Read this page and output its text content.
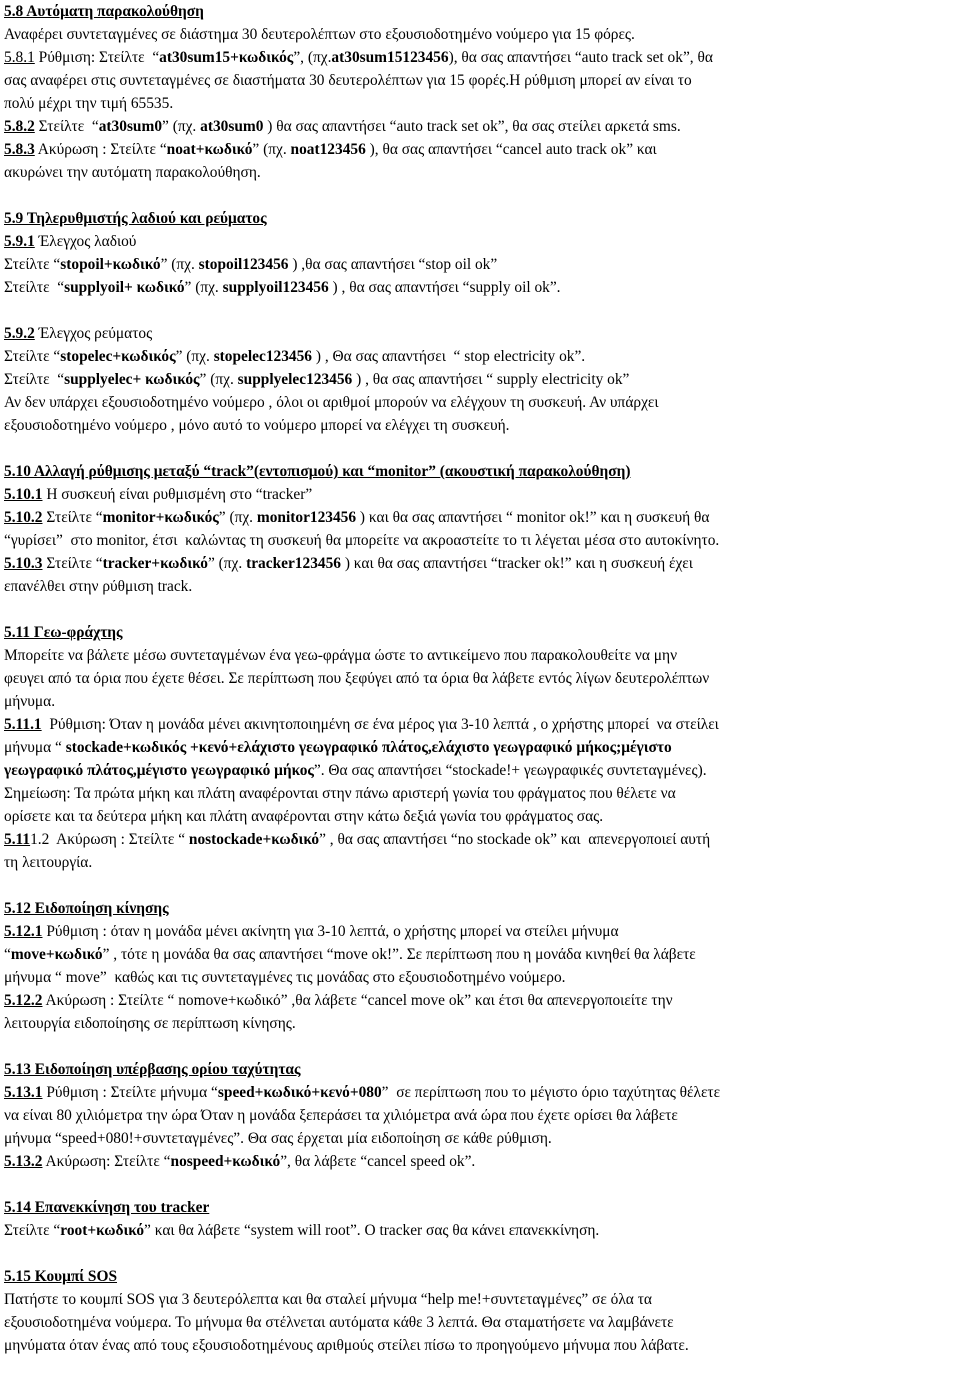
5.8 Αυτόματη παρακολούθηση
Αναφέρει συντεταγμένες σε διάστημα 30 δευτερολέπτων στο εξουσιοδοτημένο νούμερο για 15 φόρες.
5.8.1 Ρύθμιση: Στείλτε  “at30sum15+κωδικός”, (πχ.at30sum15123456), θα σας απαντήσει “auto track set ok”, θα
σας αναφέρει στις συντεταγμένες σε διαστήματα 30 δευτερολέπτων για 15 φορές.Η ρύθμιση μπορεί αν είναι το
πολύ μέχρι την τιμή 65535.
5.8.2 Στείλτε  “at30sum0” (πχ. at30sum0 ) θα σας απαντήσει “auto track set ok”, θα σας στείλει αρκετά sms.
5.8.3 Ακύρωση : Στείλτε “noat+κωδικό” (πχ. noat123456 ), θα σας απαντήσει “cancel auto track ok” και
ακυρώνει την αυτόματη παρακολούθηση.
5.9 Τηλερυθμιστής λαδιού και ρεύματος
5.9.1 Έλεγχος λαδιού
Στείλτε “stopoil+κωδικό” (πχ. stopoil123456 ) ,θα σας απαντήσει “stop oil ok”
Στείλτε  “supplyoil+ κωδικό” (πχ. supplyoil123456 ) , θα σας απαντήσει “supply oil ok”.
5.9.2 Έλεγχος ρεύματος
Στείλτε “stopelec+κωδικός” (πχ. stopelec123456 ) , Θα σας απαντήσει  “ stop electricity ok”.
Στείλτε  “supplyelec+ κωδικός” (πχ. supplyelec123456 ) , θα σας απαντήσει “ supply electricity ok”
Αν δεν υπάρχει εξουσιοδοτημένο νούμερο , όλοι οι αριθμοί μπορούν να ελέγχουν τη συσκευή. Αν υπάρχει
εξουσιοδοτημένο νούμερο , μόνο αυτό το νούμερο μπορεί να ελέγχει τη συσκευή.
5.10 Αλλαγή ρύθμισης μεταξύ “track”(εντοπισμού) και “monitor” (ακουστική παρακολούθηση)
5.10.1 Η συσκευή είναι ρυθμισμένη στο “tracker”
5.10.2 Στείλτε “monitor+κωδικός” (πχ. monitor123456 ) και θα σας απαντήσει “ monitor ok!” και η συσκευή θα
“γυρίσει”  στο monitor, έτσι  καλώντας τη συσκευή θα μπορείτε να ακροαστείτε το τι λέγεται μέσα στο αυτοκίνητο.
5.10.3 Στείλτε “tracker+κωδικό” (πχ. tracker123456 ) και θα σας απαντήσει “tracker ok!” και η συσκευή έχει
επανέλθει στην ρύθμιση track.
5.11 Γεω-φράχτης
Μπορείτε να βάλετε μέσω συντεταγμένων ένα γεω-φράγμα ώστε το αντικείμενο που παρακολουθείτε να μην
φευγει από τα όρια που έχετε θέσει. Σε περίπτωση που ξεφύγει από τα όρια θα λάβετε εντός λίγων δευτερολέπτων
μήνυμα.
5.11.1  Ρύθμιση: Όταν η μονάδα μένει ακινητοποιημένη σε ένα μέρος για 3-10 λεπτά , ο χρήστης μπορεί  να στείλει
μήνυμα “ stockade+κωδικός +κενό+ελάχιστο γεωγραφικό πλάτος,ελάχιστο γεωγραφικό μήκος;μέγιστο
γεωγραφικό πλάτος,μέγιστο γεωγραφικό μήκος”. Θα σας απαντήσει “stockade!+ γεωγραφικές συντεταγμένες).
Σημείωση: Τα πρώτα μήκη και πλάτη αναφέρονται στην πάνω αριστερή γωνία του φράγματος που θέλετε να
ορίσετε και τα δεύτερα μήκη και πλάτη αναφέρονται στην κάτω δεξιά γωνία του φράγματος σας.
5.111.2  Ακύρωση : Στείλτε “ nostockade+κωδικό” , θα σας απαντήσει “no stockade ok” και  απενεργοποιεί αυτή
τη λειτουργία.
5.12 Ειδοποίηση κίνησης
5.12.1 Ρύθμιση : όταν η μονάδα μένει ακίνητη για 3-10 λεπτά, ο χρήστης μπορεί να στείλει μήνυμα
“move+κωδικό” , τότε η μονάδα θα σας απαντήσει “move ok!”. Σε περίπτωση που η μονάδα κινηθεί θα λάβετε
μήνυμα “ move”  καθώς και τις συντεταγμένες τις μονάδας στο εξουσιοδοτημένο νούμερο.
5.12.2 Ακύρωση : Στείλτε “ nomove+κωδικό” ,θα λάβετε “cancel move ok” και έτσι θα απενεργοποιείτε την
λειτουργία ειδοποίησης σε περίπτωση κίνησης.
5.13 Ειδοποίηση υπέρβασης ορίου ταχύτητας
5.13.1 Ρύθμιση : Στείλτε μήνυμα “speed+κωδικό+κενό+080”  σε περίπτωση που το μέγιστο όριο ταχύτητας θέλετε
να είναι 80 χιλιόμετρα την ώρα Όταν η μονάδα ξεπεράσει τα χιλιόμετρα ανά ώρα που έχετε ορίσει θα λάβετε
μήνυμα “speed+080!+συντεταγμένες”. Θα σας έρχεται μία ειδοποίηση σε κάθε ρύθμιση.
5.13.2 Ακύρωση: Στείλτε “nospeed+κωδικό”, θα λάβετε “cancel speed ok”.
5.14 Επανεκκίνηση του tracker
Στείλτε “root+κωδικό” και θα λάβετε “system will root”. Ο tracker σας θα κάνει επανεκκίνηση.
5.15 Κουμπί SOS
Πατήστε το κουμπί SOS για 3 δευτερόλεπτα και θα σταλεί μήνυμα “help me!+συντεταγμένες” σε όλα τα
εξουσιοδοτημένα νούμερα. Το μήνυμα θα στέλνεται αυτόματα κάθε 3 λεπτά. Θα σταματήσετε να λαμβάνετε
μηνύματα όταν ένας από τους εξουσιοδοτημένους αριθμούς στείλει πίσω το προηγούμενο μήνυμα που λάβατε.
